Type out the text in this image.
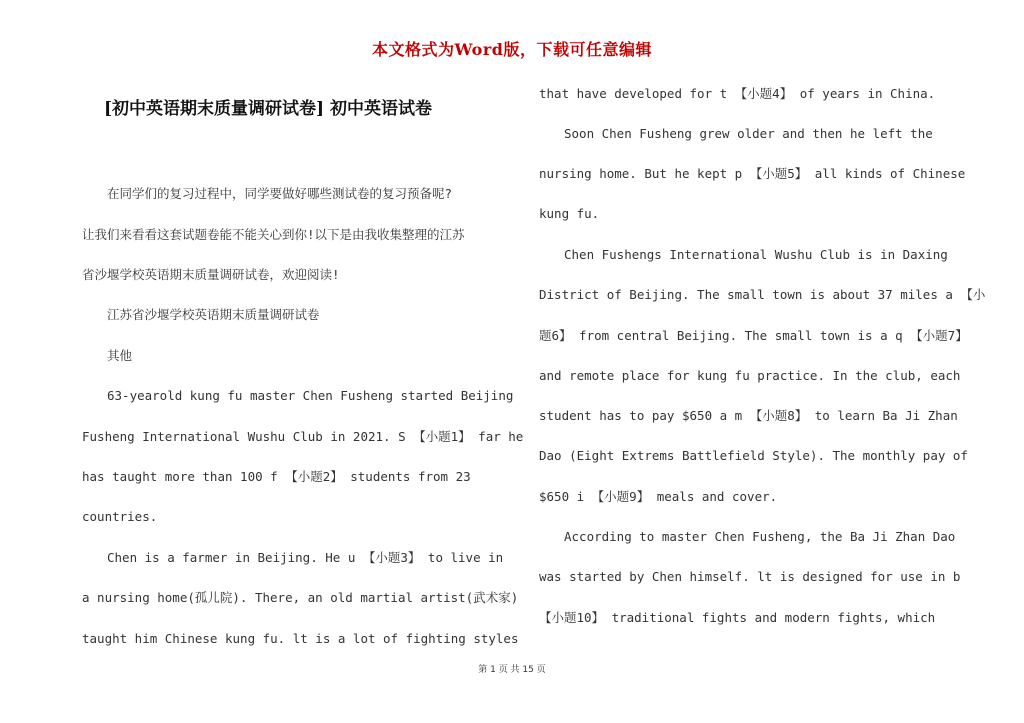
本文格式为Word版，下载可任意编辑
[初中英语期末质量调研试卷] 初中英语试卷
　　在同学们的复习过程中，同学要做好哪些测试卷的复习预备呢?
让我们来看看这套试题卷能不能关心到你!以下是由我收集整理的江苏
省沙堰学校英语期末质量调研试卷，欢迎阅读!
　　江苏省沙堰学校英语期末质量调研试卷
　　其他
　　63-yearold kung fu master Chen Fusheng started Beijing
Fusheng International Wushu Club in 2021. S 【小题1】 far he
has taught more than 100 f 【小题2】 students from 23
countries.
　　Chen is a farmer in Beijing. He u 【小题3】 to live in
a nursing home(孤儿院). There, an old martial artist(武术家)
taught him Chinese kung fu. lt is a lot of fighting styles
that have developed for t 【小题4】 of years in China.
　　Soon Chen Fusheng grew older and then he left the
nursing home. But he kept p 【小题5】 all kinds of Chinese
kung fu.
　　Chen Fushengs International Wushu Club is in Daxing
District of Beijing. The small town is about 37 miles a 【小
题6】 from central Beijing. The small town is a q 【小题7】
and remote place for kung fu practice. In the club, each
student has to pay $650 a m 【小题8】 to learn Ba Ji Zhan
Dao (Eight Extrems Battlefield Style). The monthly pay of
$650 i 【小题9】 meals and cover.
　　According to master Chen Fusheng, the Ba Ji Zhan Dao
was started by Chen himself. lt is designed for use in b
【小题10】 traditional fights and modern fights, which
第 1 页 共 15 页
